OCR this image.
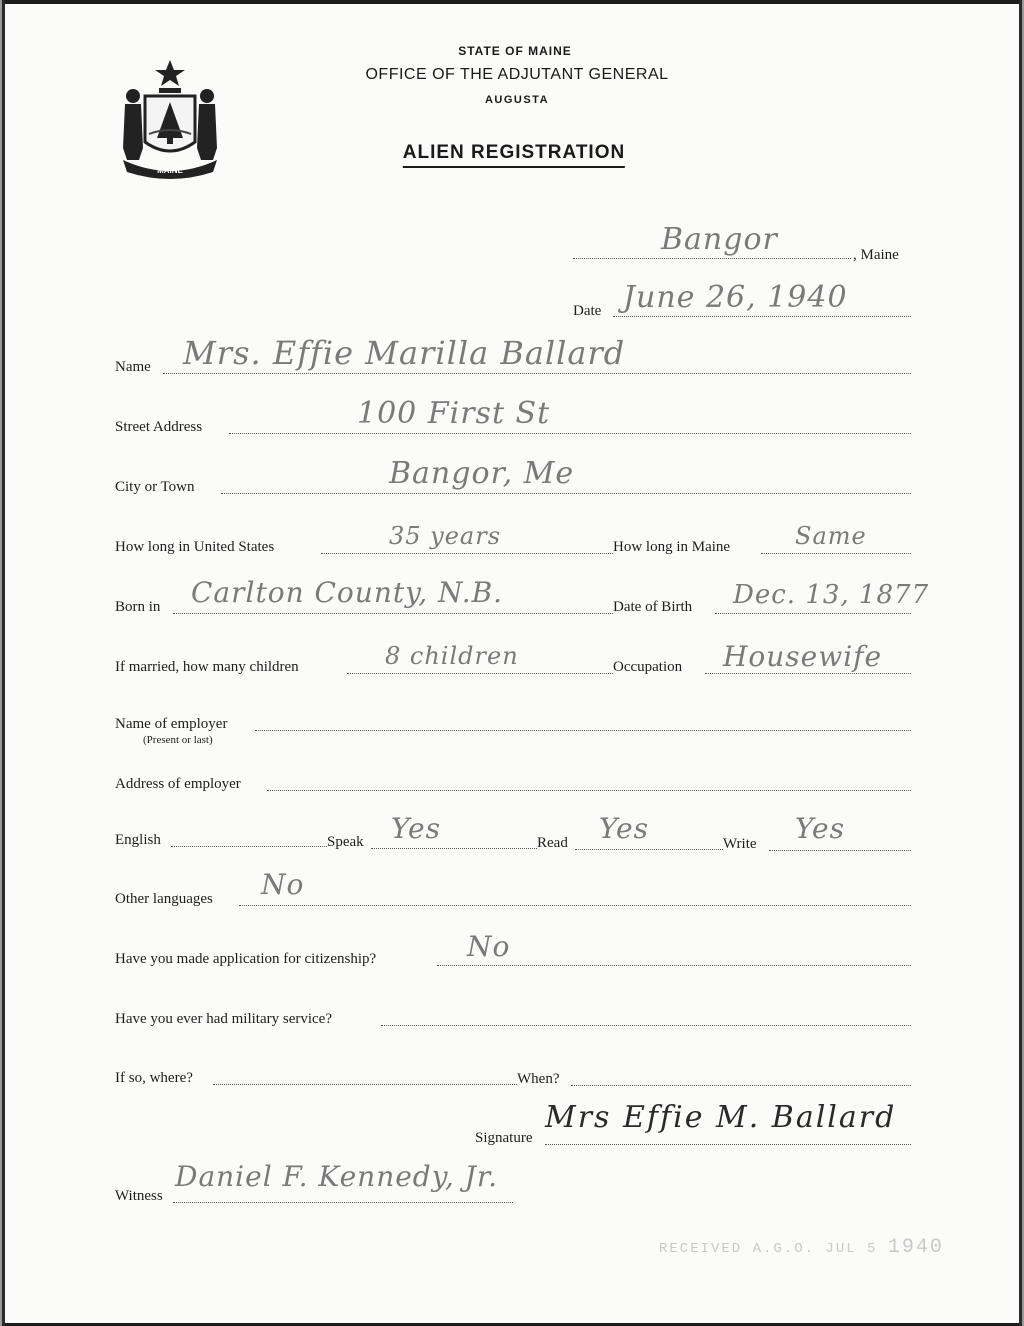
MAINE
STATE OF MAINE
OFFICE OF THE ADJUTANT GENERAL
AUGUSTA
ALIEN REGISTRATION
Bangor	, Maine
Date June 26, 1940
Name Mrs. Effie Marilla Ballard
Street Address	100 First St
City or Town	Bangor, Me
How long in United States	35 years	How long in Maine	Same
Born in Carlton County, N.B.	Date of Birth Dec. 13, 1877
If married, how many children	8 children	Occupation Housewife
Name of employer
(Present or last)
Address of employer
English	Speak Yes	Read Yes	Write Yes
Other languages No
Have you made application for citizenship?	No
Have you ever had military service?
If so, where?	When?
Signature
Mrs Effie M. Ballard
Witness
Daniel F. Kennedy, Jr.
RECEIVED A.G.O. JUL 5 1940
